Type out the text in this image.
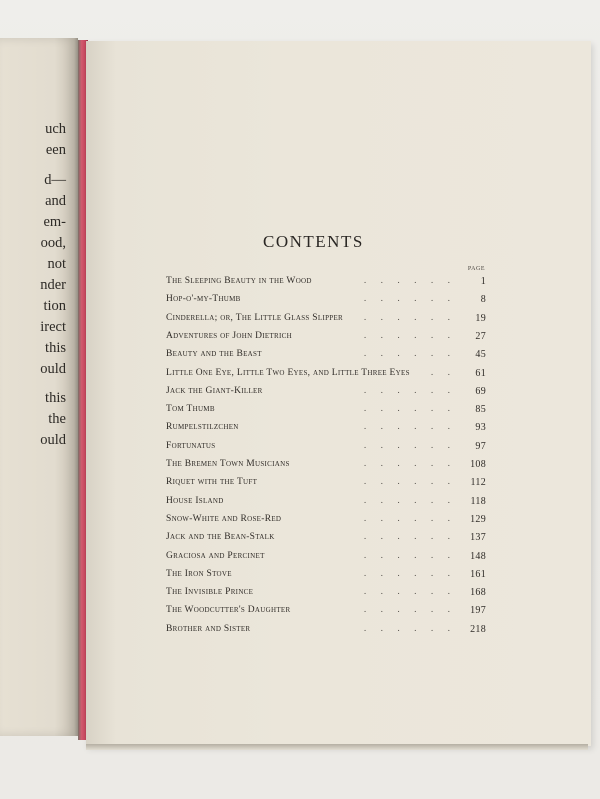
uch
een
d—
and
em-
ood,
not
nder
tion
irect
this
ould
this
the
ould
CONTENTS
PAGE
. . . . . .
The Sleeping Beauty in the Wood	1
. . . . . .
Hop-o'-my-Thumb	8
. . . . . .
Cinderella; or, The Little Glass Slipper	19
. . . . . .
Adventures of John Dietrich	27
. . . . . .
Beauty and the Beast	45
. .
Little One Eye, Little Two Eyes, and Little Three Eyes	61
. . . . . .
Jack the Giant-Killer	69
. . . . . .
Tom Thumb	85
. . . . . .
Rumpelstilzchen	93
. . . . . .
Fortunatus	97
. . . . . .
The Bremen Town Musicians	108
. . . . . .
Riquet with the Tuft	112
. . . . . .
House Island	118
. . . . . .
Snow-White and Rose-Red	129
. . . . . .
Jack and the Bean-Stalk	137
. . . . . .
Graciosa and Percinet	148
. . . . . .
The Iron Stove	161
. . . . . .
The Invisible Prince	168
. . . . . .
The Woodcutter's Daughter	197
. . . . . .
Brother and Sister	218
